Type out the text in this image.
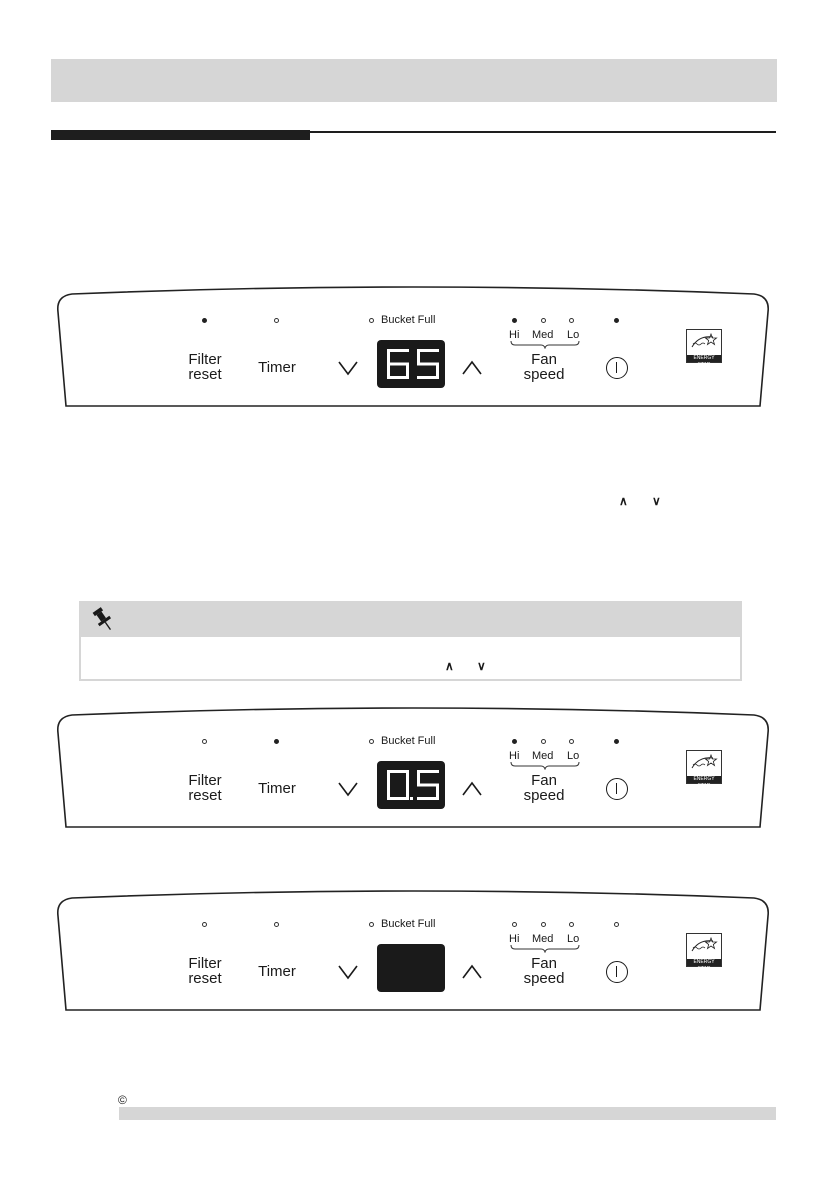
Bucket Full
Hi Med Lo
Filter
reset	Timer	Fan
speed
ENERGY STAR
Bucket Full
Hi Med Lo
Filter
reset	Timer	Fan
speed
ENERGY STAR
Bucket Full
Hi Med Lo
Filter
reset	Timer	Fan
speed
ENERGY STAR
∧ ∨
∧ ∨
©
